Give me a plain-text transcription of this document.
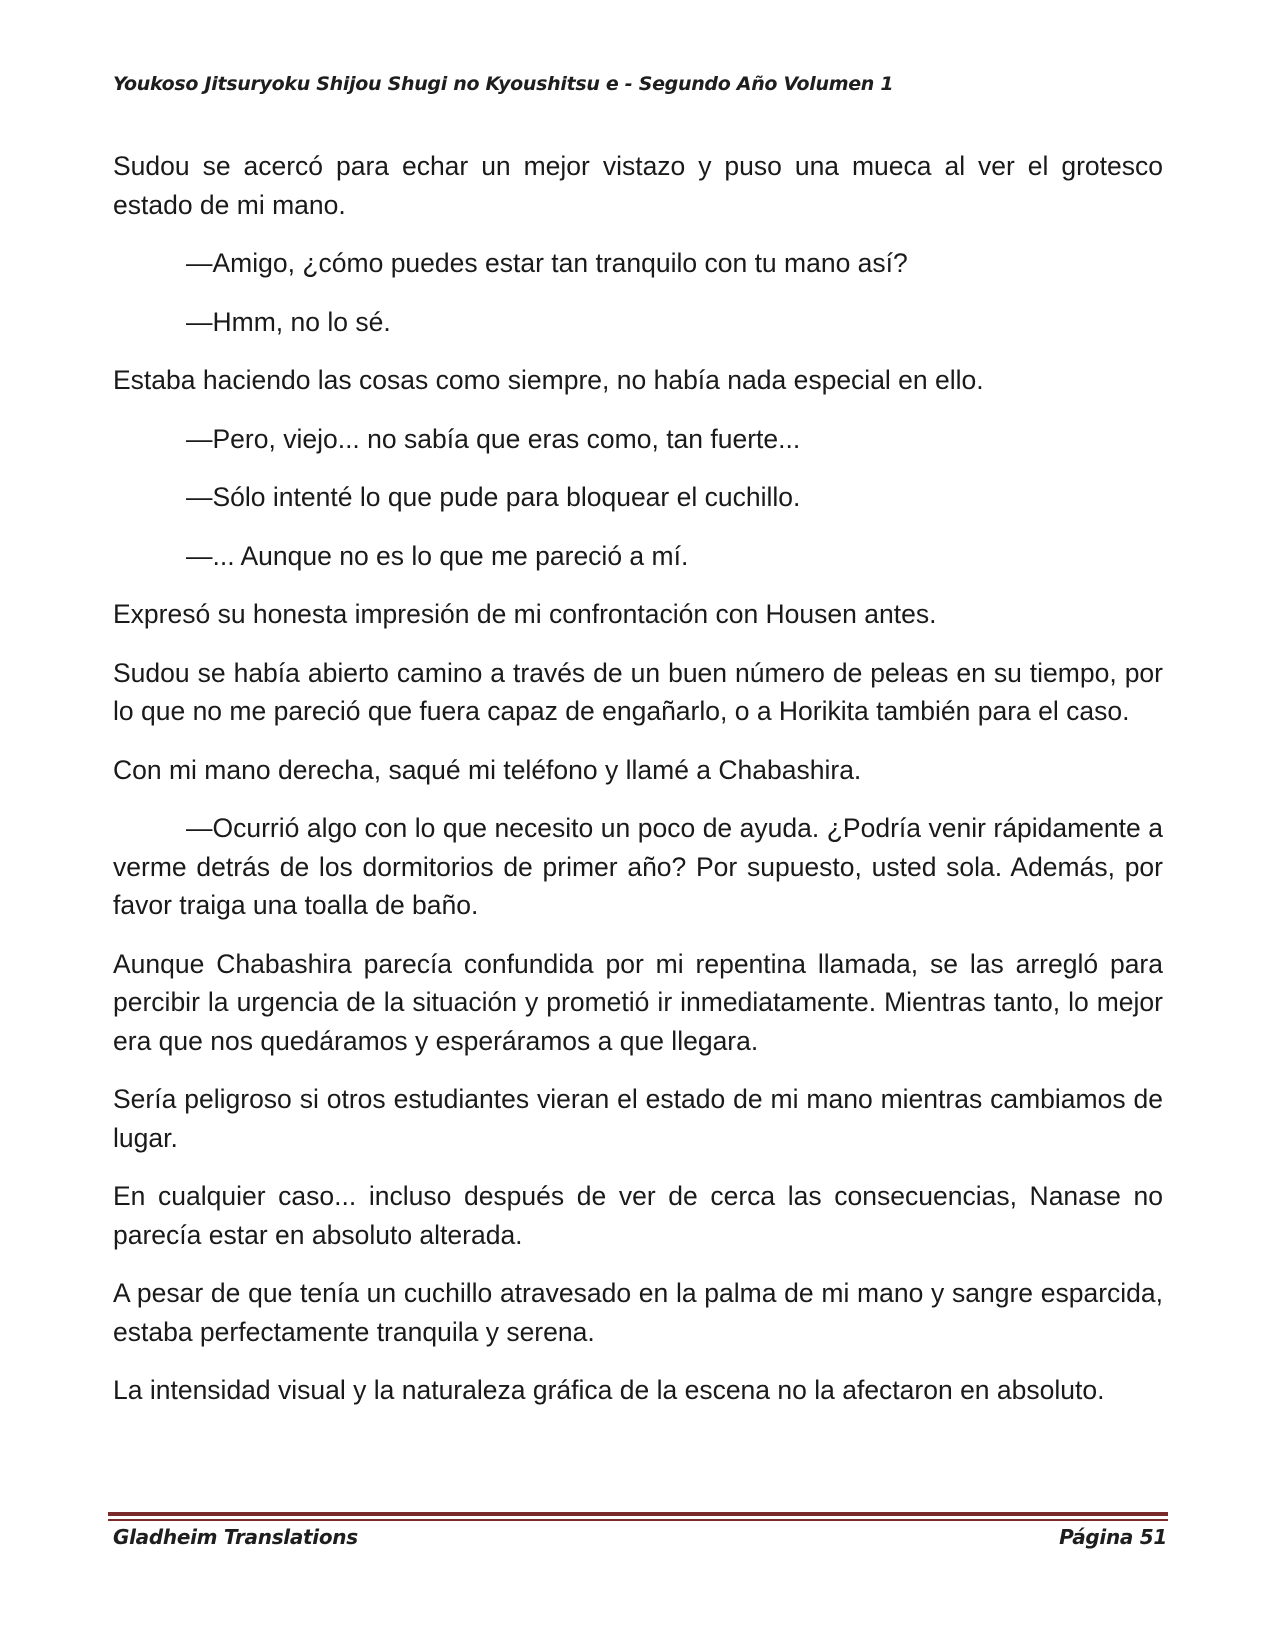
Youkoso Jitsuryoku Shijou Shugi no Kyoushitsu e - Segundo Año Volumen 1

Sudou se acercó para echar un mejor vistazo y puso una mueca al ver el grotesco estado de mi mano.

—Amigo, ¿cómo puedes estar tan tranquilo con tu mano así?

—Hmm, no lo sé.

Estaba haciendo las cosas como siempre, no había nada especial en ello.

—Pero, viejo... no sabía que eras como, tan fuerte...

—Sólo intenté lo que pude para bloquear el cuchillo.

—... Aunque no es lo que me pareció a mí.

Expresó su honesta impresión de mi confrontación con Housen antes.

Sudou se había abierto camino a través de un buen número de peleas en su tiempo, por lo que no me pareció que fuera capaz de engañarlo, o a Horikita también para el caso.

Con mi mano derecha, saqué mi teléfono y llamé a Chabashira.

—Ocurrió algo con lo que necesito un poco de ayuda. ¿Podría venir rápidamente a verme detrás de los dormitorios de primer año? Por supuesto, usted sola. Además, por favor traiga una toalla de baño.

Aunque Chabashira parecía confundida por mi repentina llamada, se las arregló para percibir la urgencia de la situación y prometió ir inmediatamente. Mientras tanto, lo mejor era que nos quedáramos y esperáramos a que llegara.

Sería peligroso si otros estudiantes vieran el estado de mi mano mientras cambiamos de lugar.

En cualquier caso... incluso después de ver de cerca las consecuencias, Nanase no parecía estar en absoluto alterada.

A pesar de que tenía un cuchillo atravesado en la palma de mi mano y sangre esparcida, estaba perfectamente tranquila y serena.

La intensidad visual y la naturaleza gráfica de la escena no la afectaron en absoluto.

Gladheim Translations	Página 51
